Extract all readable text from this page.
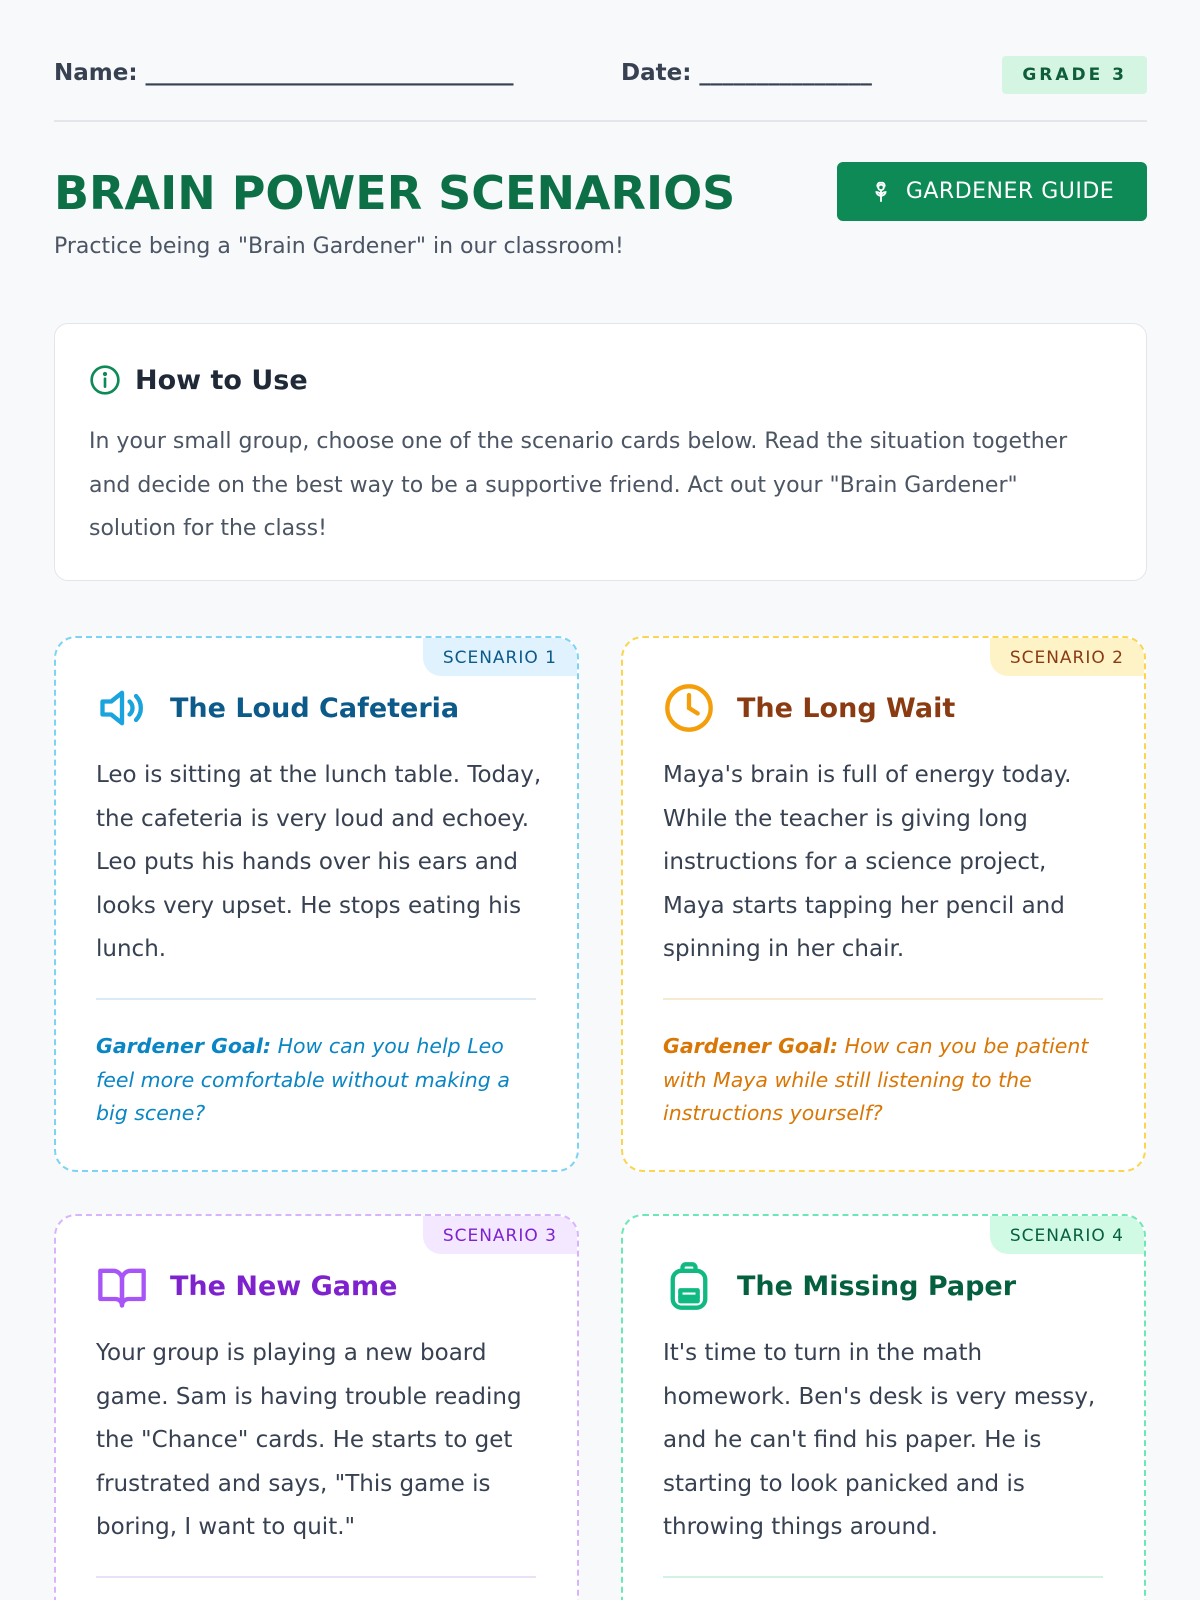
Name: ________________________________	Date: _______________	GRADE 3
BRAIN POWER SCENARIOS
Practice being a "Brain Gardener" in our classroom!
GARDENER GUIDE
How to Use
In your small group, choose one of the scenario cards below. Read the situation together and decide on the best way to be a supportive friend. Act out your "Brain Gardener" solution for the class!
SCENARIO 1
The Loud Cafeteria
Leo is sitting at the lunch table. Today, the cafeteria is very loud and echoey. Leo puts his hands over his ears and looks very upset. He stops eating his lunch.
Gardener Goal: How can you help Leo feel more comfortable without making a big scene?
SCENARIO 2
The Long Wait
Maya's brain is full of energy today. While the teacher is giving long instructions for a science project, Maya starts tapping her pencil and spinning in her chair.
Gardener Goal: How can you be patient with Maya while still listening to the instructions yourself?
SCENARIO 3
The New Game
Your group is playing a new board game. Sam is having trouble reading the "Chance" cards. He starts to get frustrated and says, "This game is boring, I want to quit."
SCENARIO 4
The Missing Paper
It's time to turn in the math homework. Ben's desk is very messy, and he can't find his paper. He is starting to look panicked and is throwing things around.
